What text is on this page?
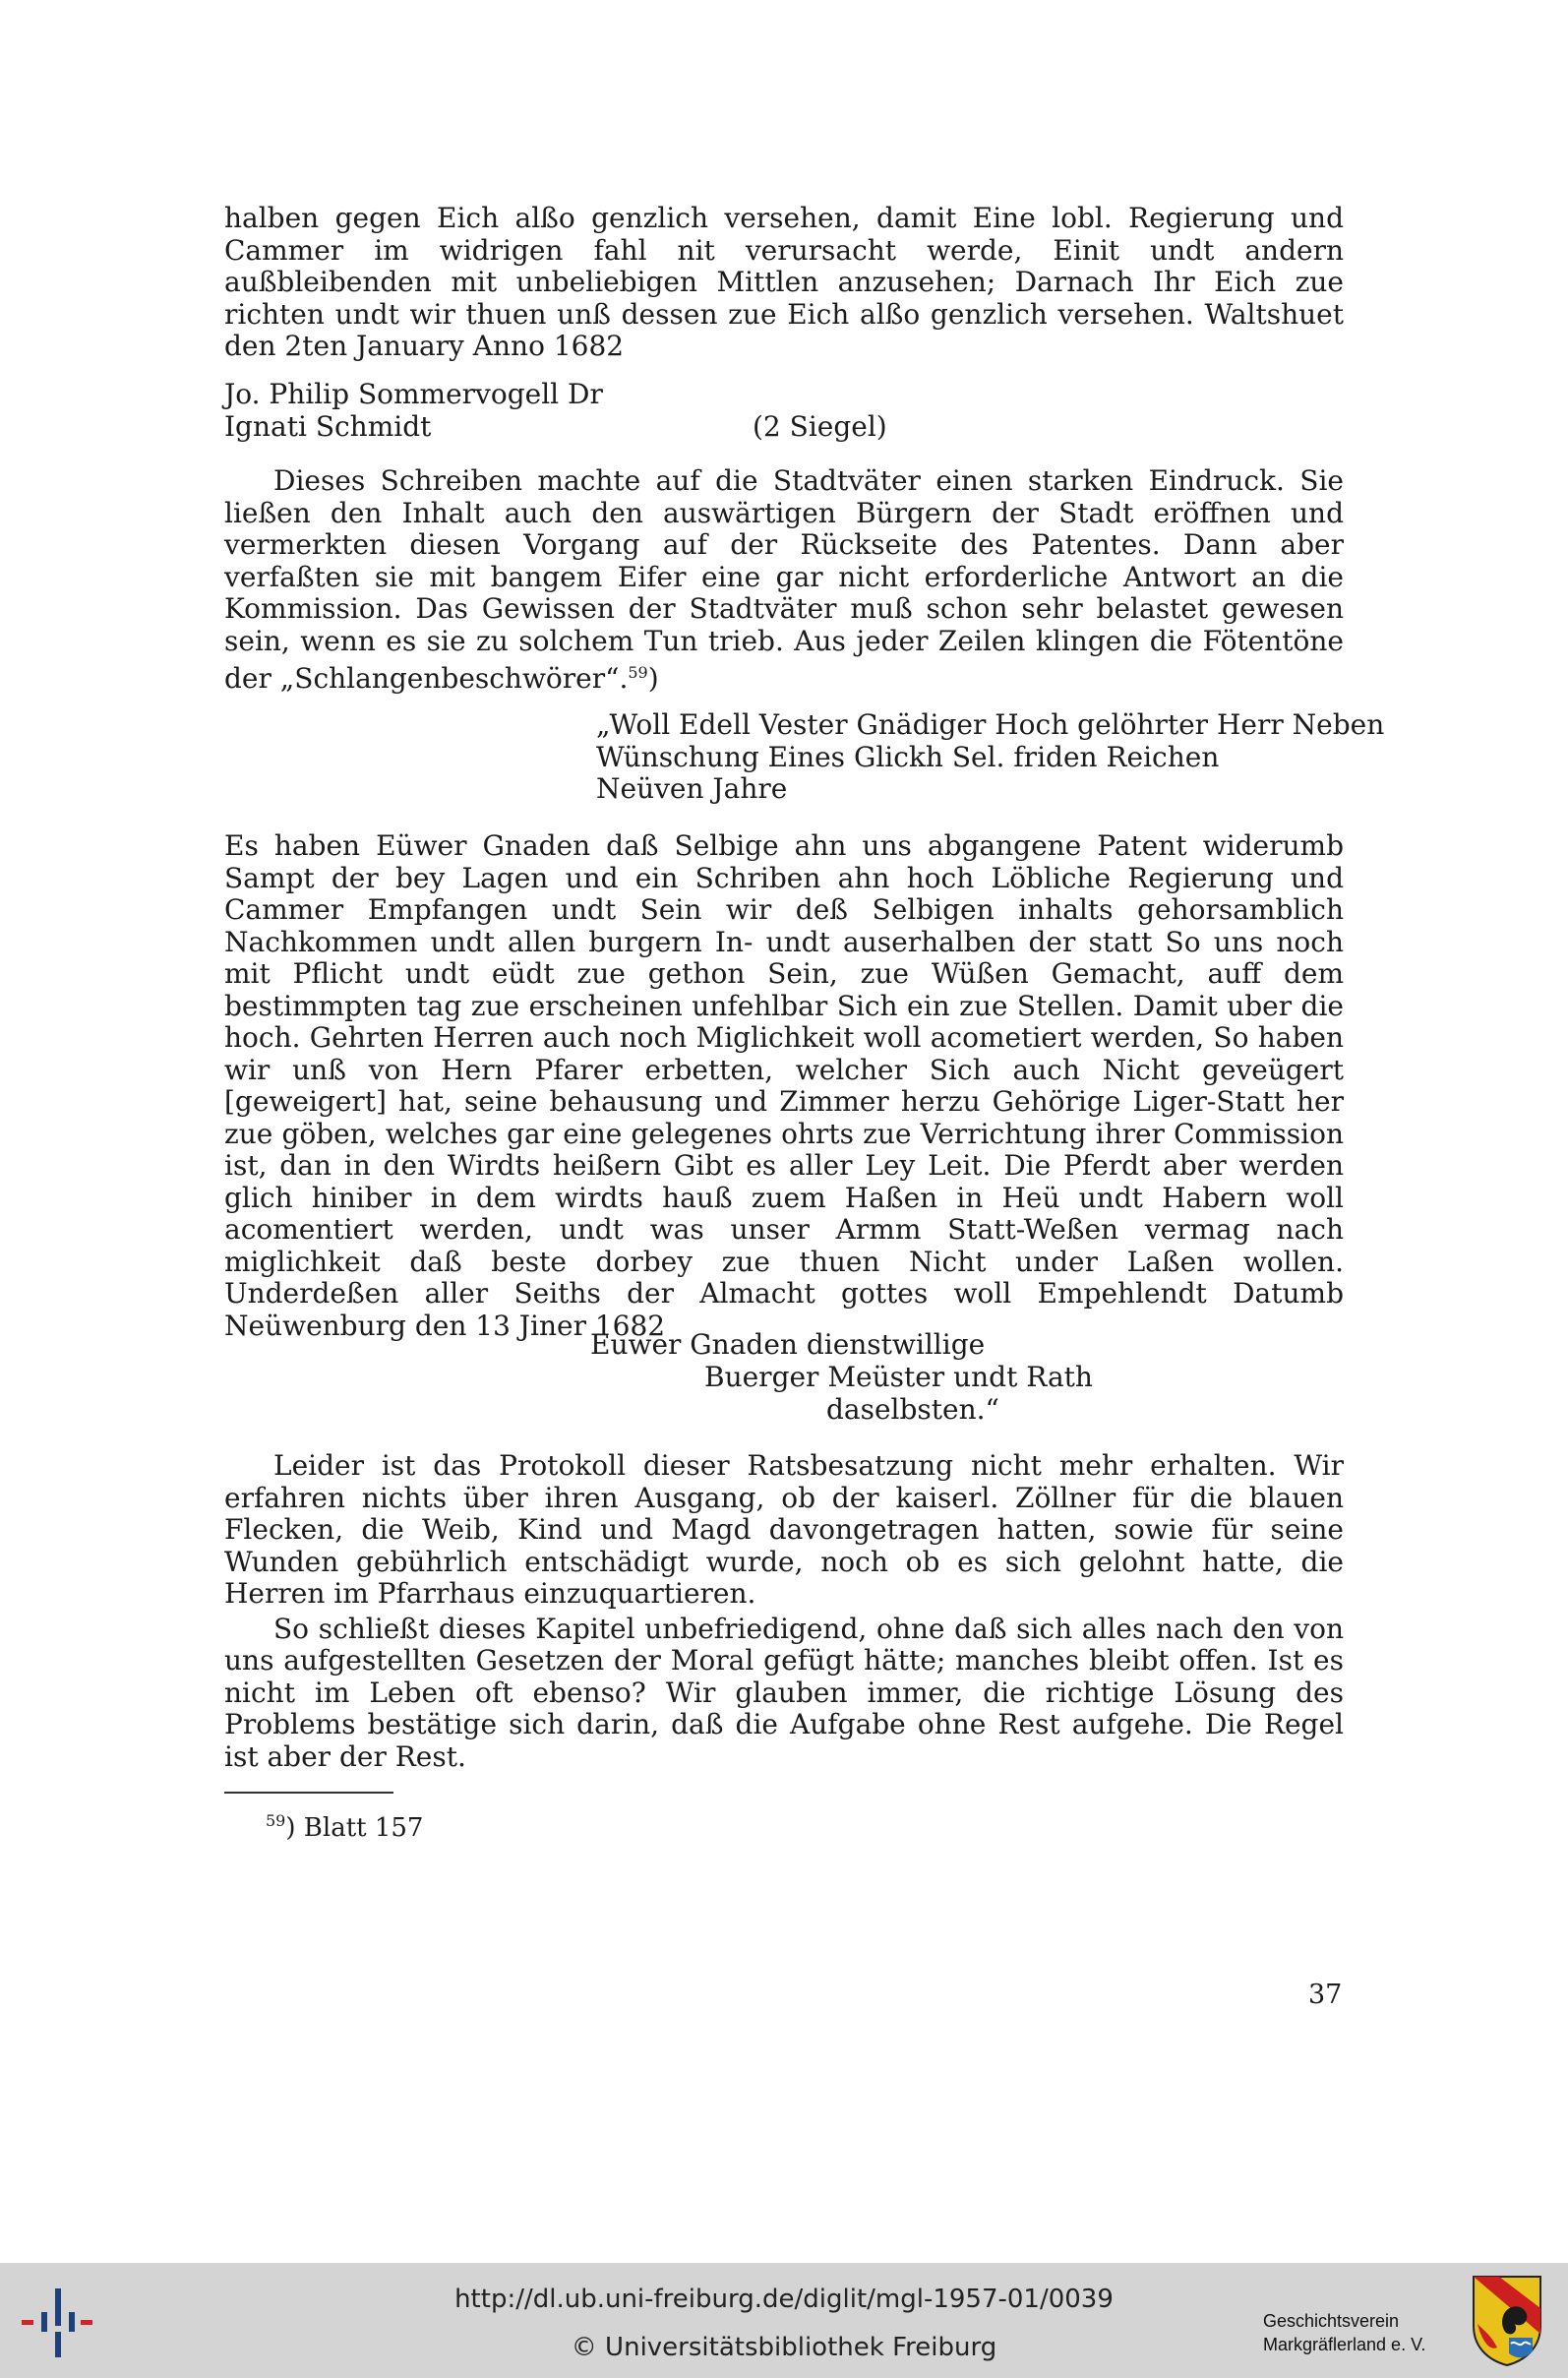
halben gegen Eich alßo genzlich versehen, damit Eine lobl. Regierung und Cammer im widrigen fahl nit verursacht werde, Einit undt andern außbleibenden mit unbeliebigen Mittlen anzusehen; Darnach Ihr Eich zue richten undt wir thuen unß dessen zue Eich alßo genzlich versehen. Waltshuet den 2ten January Anno 1682

Jo. Philip Sommervogell Dr
Ignati Schmidt	(2 Siegel)

Dieses Schreiben machte auf die Stadtväter einen starken Eindruck. Sie ließen den Inhalt auch den auswärtigen Bürgern der Stadt eröffnen und vermerkten diesen Vorgang auf der Rückseite des Patentes. Dann aber verfaßten sie mit bangem Eifer eine gar nicht erforderliche Antwort an die Kommission. Das Gewissen der Stadtväter muß schon sehr belastet gewesen sein, wenn es sie zu solchem Tun trieb. Aus jeder Zeilen klingen die Fötentöne der „Schlangenbeschwörer“.$^{59}$)

„Woll Edell Vester Gnädiger Hoch gelöhrter Herr Neben
Wünschung Eines Glickh Sel. friden Reichen
Neüven Jahre

Es haben Eüwer Gnaden daß Selbige ahn uns abgangene Patent widerumb Sampt der bey Lagen und ein Schriben ahn hoch Löbliche Regierung und Cammer Empfangen undt Sein wir deß Selbigen inhalts gehorsamblich Nachkommen undt allen burgern In- undt auserhalben der statt So uns noch mit Pflicht undt eüdt zue gethon Sein, zue Wüßen Gemacht, auff dem bestimmpten tag zue erscheinen unfehlbar Sich ein zue Stellen. Damit uber die hoch. Gehrten Herren auch noch Miglichkeit woll acometiert werden, So haben wir unß von Hern Pfarer erbetten, welcher Sich auch Nicht geveügert [geweigert] hat, seine behausung und Zimmer herzu Gehörige Liger-Statt her zue göben, welches gar eine gelegenes ohrts zue Verrichtung ihrer Commission ist, dan in den Wirdts heißern Gibt es aller Ley Leit. Die Pferdt aber werden glich hiniber in dem wirdts hauß zuem Haßen in Heü undt Habern woll acomentiert werden, undt was unser Armm Statt-Weßen vermag nach miglichkeit daß beste dorbey zue thuen Nicht under Laßen wollen. Underdeßen aller Seiths der Almacht gottes woll Empehlendt Datumb Neüwenburg den 13 Jiner 1682

Euwer Gnaden dienstwillige
Buerger Meüster undt Rath
daselbsten.“

Leider ist das Protokoll dieser Ratsbesatzung nicht mehr erhalten. Wir erfahren nichts über ihren Ausgang, ob der kaiserl. Zöllner für die blauen Flecken, die Weib, Kind und Magd davongetragen hatten, sowie für seine Wunden gebührlich entschädigt wurde, noch ob es sich gelohnt hatte, die Herren im Pfarrhaus einzuquartieren.

So schließt dieses Kapitel unbefriedigend, ohne daß sich alles nach den von uns aufgestellten Gesetzen der Moral gefügt hätte; manches bleibt offen. Ist es nicht im Leben oft ebenso? Wir glauben immer, die richtige Lösung des Problems bestätige sich darin, daß die Aufgabe ohne Rest aufgehe. Die Regel ist aber der Rest.

$^{59}$) Blatt 157
37
http://dl.ub.uni-freiburg.de/diglit/mgl-1957-01/0039
© Universitätsbibliothek Freiburg
Geschichtsverein
Markgräflerland e. V.
